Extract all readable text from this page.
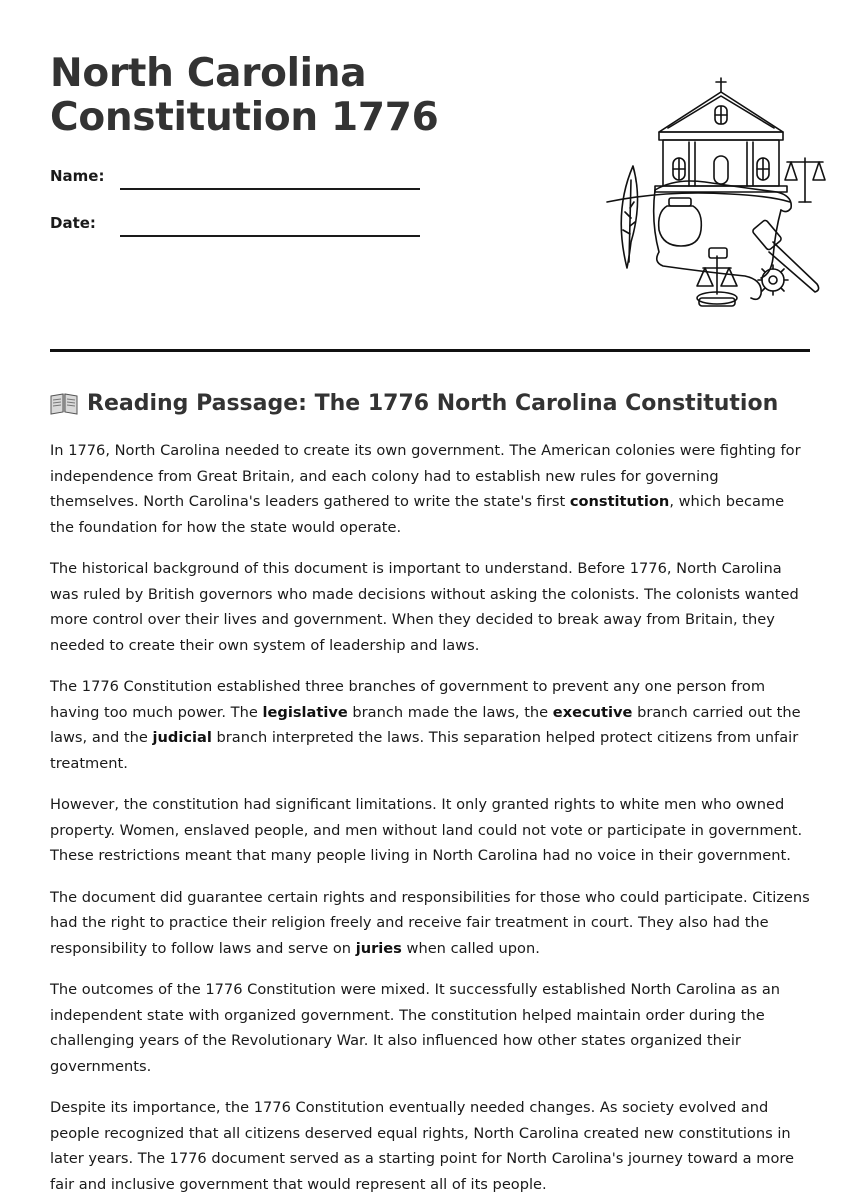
North Carolina
Constitution 1776
Name:
Date:
Reading Passage: The 1776 North Carolina Constitution

In 1776, North Carolina needed to create its own government. The American colonies were fighting for independence from Great Britain, and each colony had to establish new rules for governing themselves. North Carolina's leaders gathered to write the state's first constitution, which became the foundation for how the state would operate.

The historical background of this document is important to understand. Before 1776, North Carolina was ruled by British governors who made decisions without asking the colonists. The colonists wanted more control over their lives and government. When they decided to break away from Britain, they needed to create their own system of leadership and laws.

The 1776 Constitution established three branches of government to prevent any one person from having too much power. The legislative branch made the laws, the executive branch carried out the laws, and the judicial branch interpreted the laws. This separation helped protect citizens from unfair treatment.

However, the constitution had significant limitations. It only granted rights to white men who owned property. Women, enslaved people, and men without land could not vote or participate in government. These restrictions meant that many people living in North Carolina had no voice in their government.

The document did guarantee certain rights and responsibilities for those who could participate. Citizens had the right to practice their religion freely and receive fair treatment in court. They also had the responsibility to follow laws and serve on juries when called upon.

The outcomes of the 1776 Constitution were mixed. It successfully established North Carolina as an independent state with organized government. The constitution helped maintain order during the challenging years of the Revolutionary War. It also influenced how other states organized their governments.

Despite its importance, the 1776 Constitution eventually needed changes. As society evolved and people recognized that all citizens deserved equal rights, North Carolina created new constitutions in later years. The 1776 document served as a starting point for North Carolina's journey toward a more fair and inclusive government that would represent all of its people.
